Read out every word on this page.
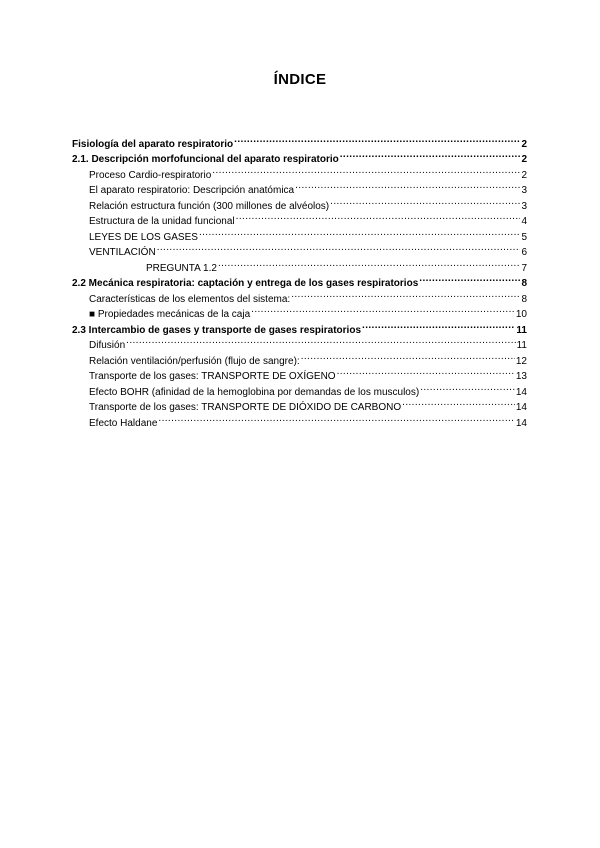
ÍNDICE
Fisiología del aparato respiratorio .....	2
2.1. Descripción morfofuncional del aparato respiratorio .....	2
Proceso Cardio-respiratorio .....	2
El aparato respiratorio: Descripción anatómica .....	3
Relación estructura función (300 millones de alvéolos) .....	3
Estructura de la unidad funcional .....	4
LEYES DE LOS GASES .....	5
VENTILACIÓN .....	6
PREGUNTA 1.2 .....	7
2.2 Mecánica respiratoria: captación y entrega de los gases respiratorios .....	8
Características de los elementos del sistema: .....	8
■ Propiedades mecánicas de la caja .....	10
2.3 Intercambio de gases y transporte de gases respiratorios .....	11
Difusión .....	11
Relación ventilación/perfusión (flujo de sangre): .....	12
Transporte de los gases: TRANSPORTE DE OXÍGENO .....	13
Efecto BOHR (afinidad de la hemoglobina por demandas de los musculos) .....	14
Transporte de los gases: TRANSPORTE DE DIÓXIDO DE CARBONO .....	14
Efecto Haldane .....	14
